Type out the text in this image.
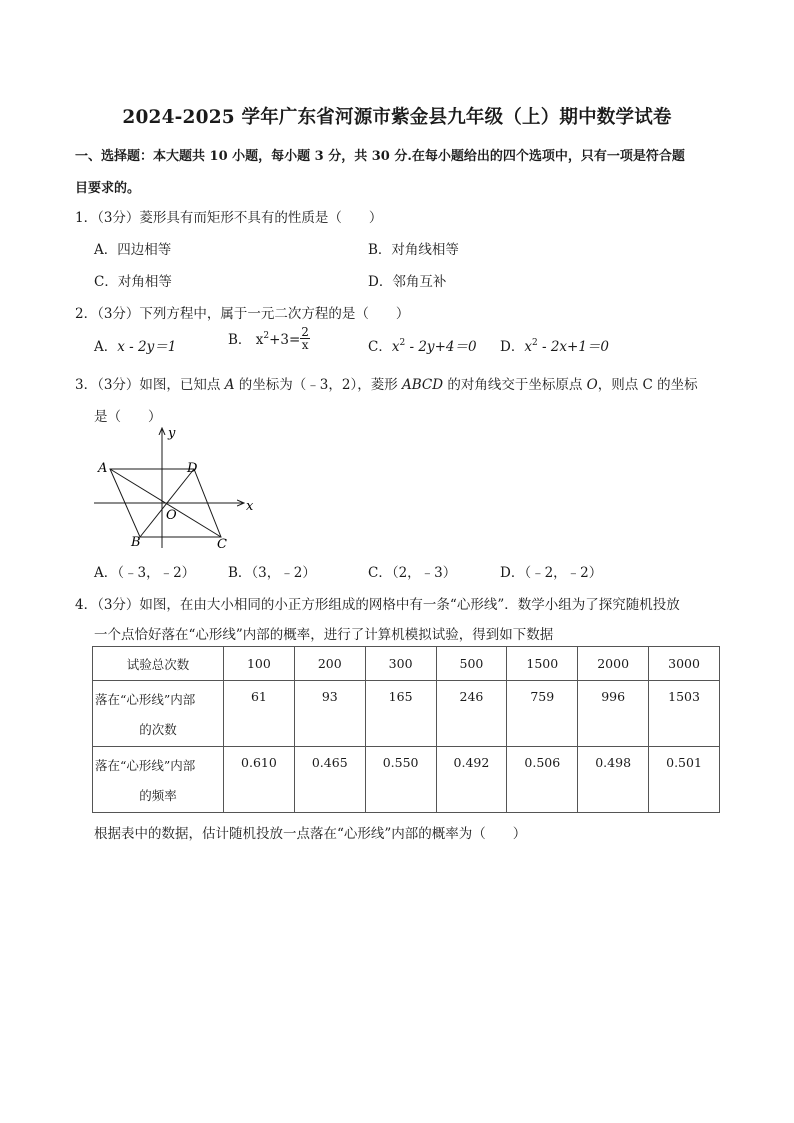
2024-2025 学年广东省河源市紫金县九年级（上）期中数学试卷
一、选择题：本大题共 10 小题，每小题 3 分，共 30 分.在每小题给出的四个选项中，只有一项是符合题
目要求的。
1．（3分）菱形具有而矩形不具有的性质是（　　）
A．四边相等	B．对角线相等
C．对角相等	D．邻角互补
2．（3分）下列方程中，属于一元二次方程的是（　　）
A．x - 2y＝1	B． $x^2+3= \frac{2}{x}$	C．$x^2 - 2y+4=0$ D．$x^2 - 2x+1=0$
3．（3分）如图，已知点 A 的坐标为（﹣3，2），菱形 ABCD 的对角线交于坐标原点 O，则点 C 的坐标
是（　　）
y
x
A	D
O
B	C
A．（﹣3，﹣2） B．（3，﹣2）	C．（2，﹣3）	D．（﹣2，﹣2）
4．（3分）如图，在由大小相同的小正方形组成的网格中有一条“心形线”．数学小组为了探究随机投放
一个点恰好落在“心形线”内部的概率，进行了计算机模拟试验，得到如下数据
试验总次数	100	200	300	500	1500	2000	3000

落在“心形线”内部
的次数	61	93	165	246	759	996	1503

落在“心形线”内部
的频率	0.610	0.465	0.550	0.492	0.506	0.498	0.501
根据表中的数据，估计随机投放一点落在“心形线”内部的概率为（　　）
